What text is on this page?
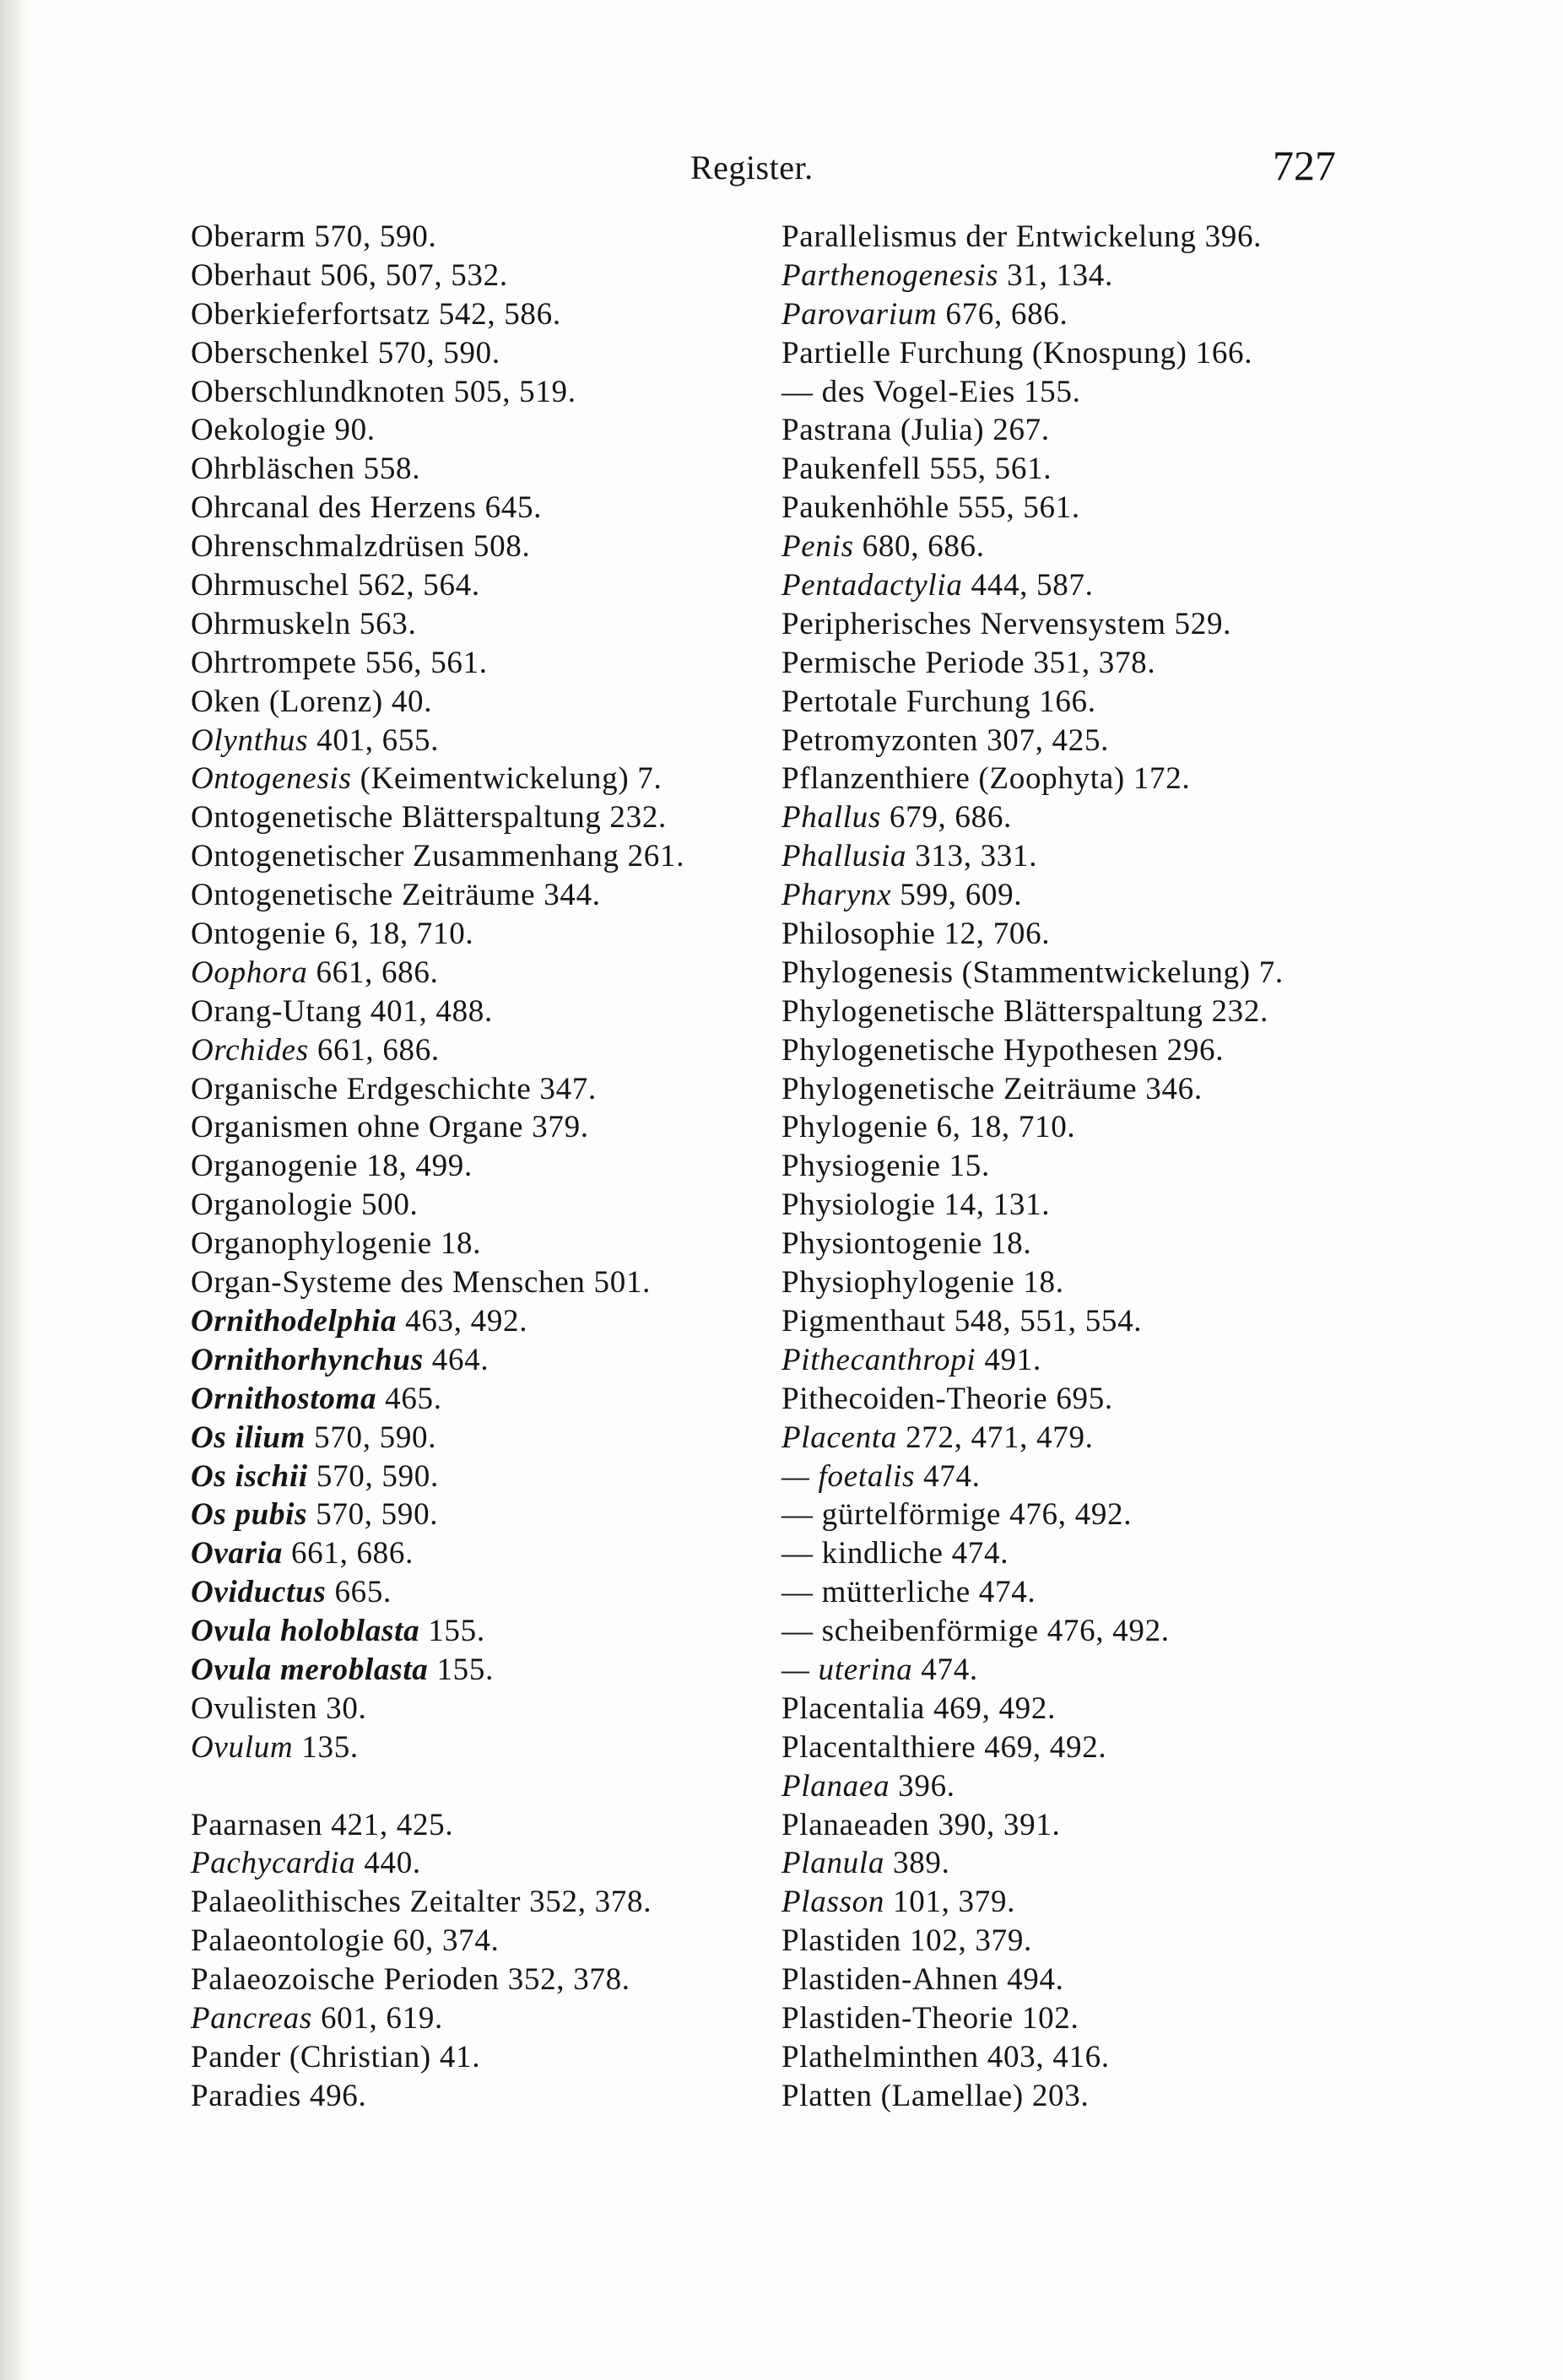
Register.	727
Oberarm 570, 590.
Oberhaut 506, 507, 532.
Oberkieferfortsatz 542, 586.
Oberschenkel 570, 590.
Oberschlundknoten 505, 519.
Oekologie 90.
Ohrbläschen 558.
Ohrcanal des Herzens 645.
Ohrenschmalzdrüsen 508.
Ohrmuschel 562, 564.
Ohrmuskeln 563.
Ohrtrompete 556, 561.
Oken (Lorenz) 40.
Olynthus 401, 655.
Ontogenesis (Keimentwickelung) 7.
Ontogenetische Blätterspaltung 232.
Ontogenetischer Zusammenhang 261.
Ontogenetische Zeiträume 344.
Ontogenie 6, 18, 710.
Oophora 661, 686.
Orang-Utang 401, 488.
Orchides 661, 686.
Organische Erdgeschichte 347.
Organismen ohne Organe 379.
Organogenie 18, 499.
Organologie 500.
Organophylogenie 18.
Organ-Systeme des Menschen 501.
Ornithodelphia 463, 492.
Ornithorhynchus 464.
Ornithostoma 465.
Os ilium 570, 590.
Os ischii 570, 590.
Os pubis 570, 590.
Ovaria 661, 686.
Oviductus 665.
Ovula holoblasta 155.
Ovula meroblasta 155.
Ovulisten 30.
Ovulum 135.
Paarnasen 421, 425.
Pachycardia 440.
Palaeolithisches Zeitalter 352, 378.
Palaeontologie 60, 374.
Palaeozoische Perioden 352, 378.
Pancreas 601, 619.
Pander (Christian) 41.
Paradies 496.
Parallelismus der Entwickelung 396.
Parthenogenesis 31, 134.
Parovarium 676, 686.
Partielle Furchung (Knospung) 166.
— des Vogel-Eies 155.
Pastrana (Julia) 267.
Paukenfell 555, 561.
Paukenhöhle 555, 561.
Penis 680, 686.
Pentadactylia 444, 587.
Peripherisches Nervensystem 529.
Permische Periode 351, 378.
Pertotale Furchung 166.
Petromyzonten 307, 425.
Pflanzenthiere (Zoophyta) 172.
Phallus 679, 686.
Phallusia 313, 331.
Pharynx 599, 609.
Philosophie 12, 706.
Phylogenesis (Stammentwickelung) 7.
Phylogenetische Blätterspaltung 232.
Phylogenetische Hypothesen 296.
Phylogenetische Zeiträume 346.
Phylogenie 6, 18, 710.
Physiogenie 15.
Physiologie 14, 131.
Physiontogenie 18.
Physiophylogenie 18.
Pigmenthaut 548, 551, 554.
Pithecanthropi 491.
Pithecoiden-Theorie 695.
Placenta 272, 471, 479.
— foetalis 474.
— gürtelförmige 476, 492.
— kindliche 474.
— mütterliche 474.
— scheibenförmige 476, 492.
— uterina 474.
Placentalia 469, 492.
Placentalthiere 469, 492.
Planaea 396.
Planaeaden 390, 391.
Planula 389.
Plasson 101, 379.
Plastiden 102, 379.
Plastiden-Ahnen 494.
Plastiden-Theorie 102.
Plathelminthen 403, 416.
Platten (Lamellae) 203.
